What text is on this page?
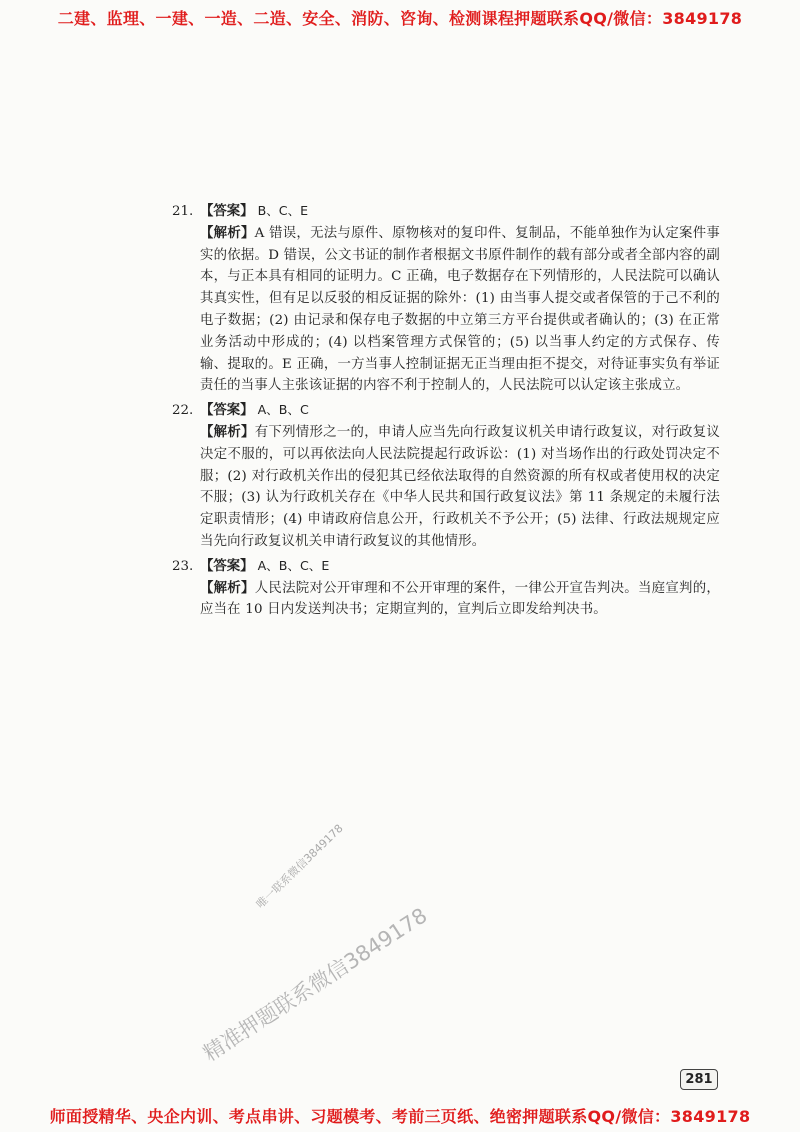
二建、监理、一建、一造、二造、安全、消防、咨询、检测课程押题联系QQ/微信：3849178
21. 【答案】 B、C、E
【解析】A 错误，无法与原件、原物核对的复印件、复制品，不能单独作为认定案件事实的依据。D 错误，公文书证的制作者根据文书原件制作的载有部分或者全部内容的副本，与正本具有相同的证明力。C 正确，电子数据存在下列情形的，人民法院可以确认其真实性，但有足以反驳的相反证据的除外：(1) 由当事人提交或者保管的于己不利的电子数据；(2) 由记录和保存电子数据的中立第三方平台提供或者确认的；(3) 在正常业务活动中形成的；(4) 以档案管理方式保管的；(5) 以当事人约定的方式保存、传输、提取的。E 正确，一方当事人控制证据无正当理由拒不提交，对待证事实负有举证责任的当事人主张该证据的内容不利于控制人的，人民法院可以认定该主张成立。
22. 【答案】 A、B、C
【解析】有下列情形之一的，申请人应当先向行政复议机关申请行政复议，对行政复议决定不服的，可以再依法向人民法院提起行政诉讼：(1) 对当场作出的行政处罚决定不服；(2) 对行政机关作出的侵犯其已经依法取得的自然资源的所有权或者使用权的决定不服；(3) 认为行政机关存在《中华人民共和国行政复议法》第 11 条规定的未履行法定职责情形；(4) 申请政府信息公开，行政机关不予公开；(5) 法律、行政法规规定应当先向行政复议机关申请行政复议的其他情形。
23. 【答案】 A、B、C、E
【解析】人民法院对公开审理和不公开审理的案件，一律公开宣告判决。当庭宣判的，应当在 10 日内发送判决书；定期宣判的，宣判后立即发给判决书。
唯一联系微信3849178
精准押题联系微信3849178
281
师面授精华、央企内训、考点串讲、习题模考、考前三页纸、绝密押题联系QQ/微信：3849178
